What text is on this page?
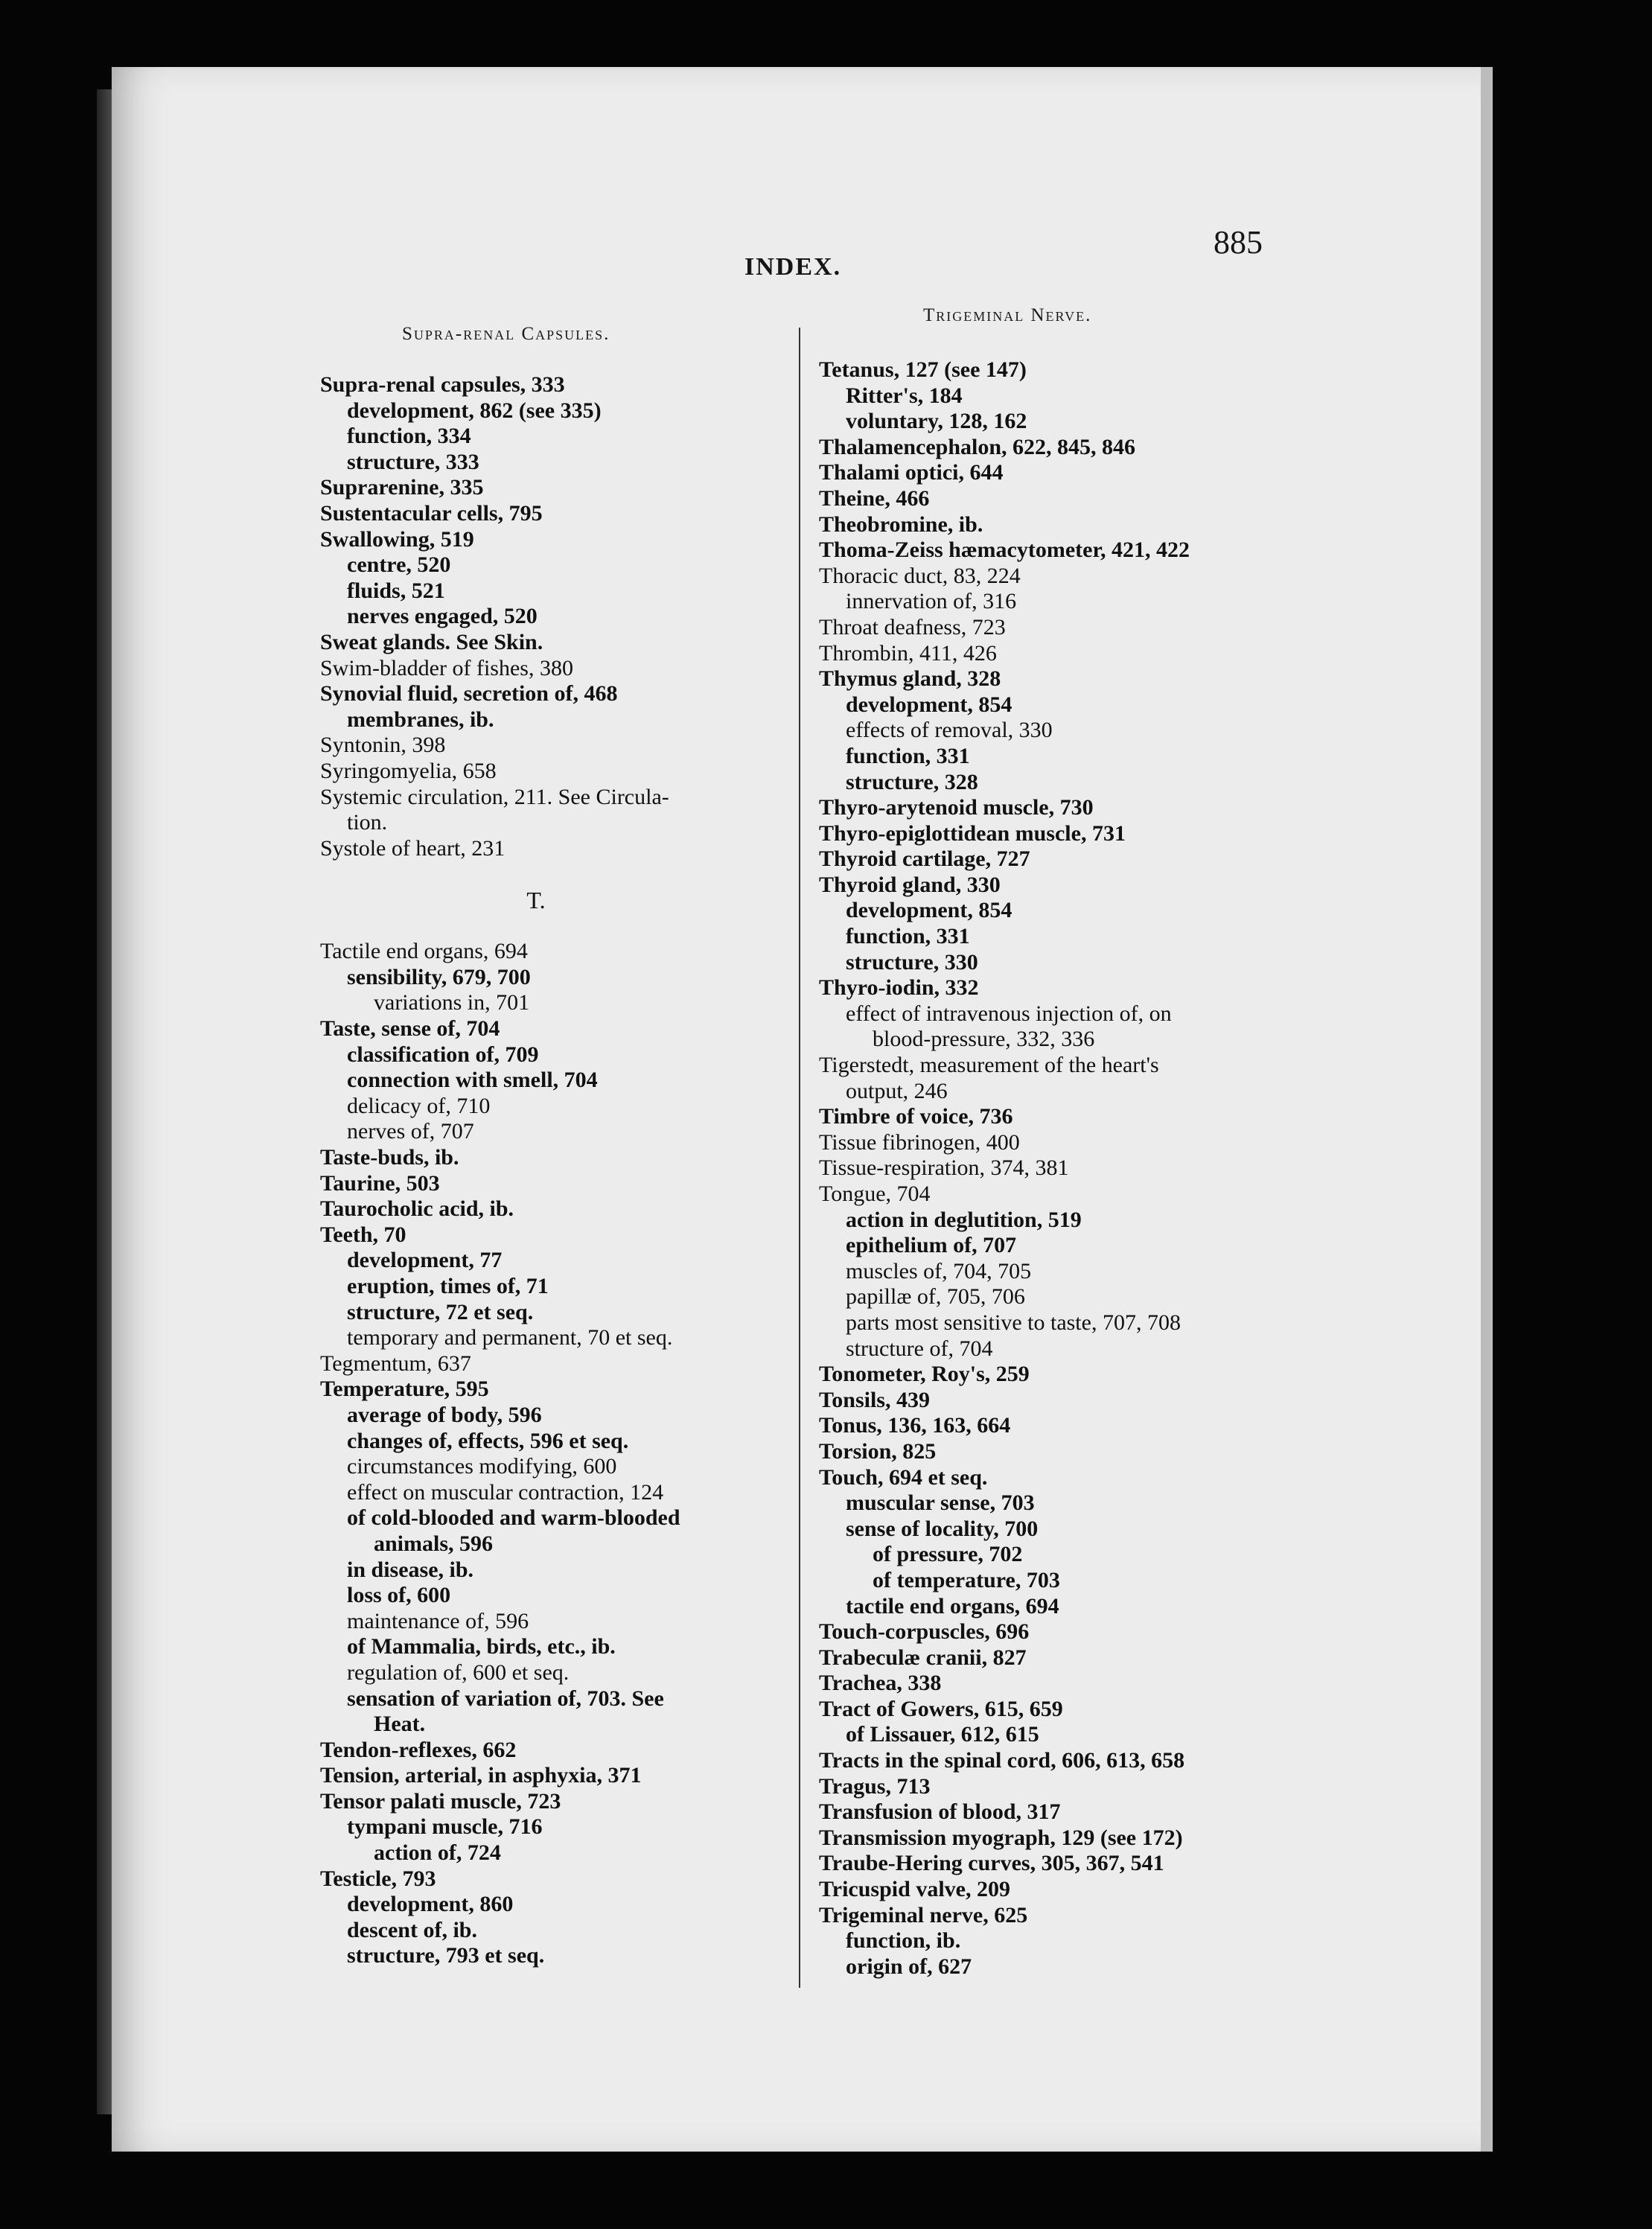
INDEX.
885
Supra-renal Capsules.
Trigeminal Nerve.
Supra-renal capsules, 333
development, 862 (see 335)
function, 334
structure, 333
Suprarenine, 335
Sustentacular cells, 795
Swallowing, 519
centre, 520
fluids, 521
nerves engaged, 520
Sweat glands. See Skin.
Swim-bladder of fishes, 380
Synovial fluid, secretion of, 468
membranes, ib.
Syntonin, 398
Syringomyelia, 658
Systemic circulation, 211. See Circula-
tion.
Systole of heart, 231
T.
Tactile end organs, 694
sensibility, 679, 700
variations in, 701
Taste, sense of, 704
classification of, 709
connection with smell, 704
delicacy of, 710
nerves of, 707
Taste-buds, ib.
Taurine, 503
Taurocholic acid, ib.
Teeth, 70
development, 77
eruption, times of, 71
structure, 72 et seq.
temporary and permanent, 70 et seq.
Tegmentum, 637
Temperature, 595
average of body, 596
changes of, effects, 596 et seq.
circumstances modifying, 600
effect on muscular contraction, 124
of cold-blooded and warm-blooded
animals, 596
in disease, ib.
loss of, 600
maintenance of, 596
of Mammalia, birds, etc., ib.
regulation of, 600 et seq.
sensation of variation of, 703. See
Heat.
Tendon-reflexes, 662
Tension, arterial, in asphyxia, 371
Tensor palati muscle, 723
tympani muscle, 716
action of, 724
Testicle, 793
development, 860
descent of, ib.
structure, 793 et seq.
Tetanus, 127 (see 147)
Ritter's, 184
voluntary, 128, 162
Thalamencephalon, 622, 845, 846
Thalami optici, 644
Theine, 466
Theobromine, ib.
Thoma-Zeiss hæmacytometer, 421, 422
Thoracic duct, 83, 224
innervation of, 316
Throat deafness, 723
Thrombin, 411, 426
Thymus gland, 328
development, 854
effects of removal, 330
function, 331
structure, 328
Thyro-arytenoid muscle, 730
Thyro-epiglottidean muscle, 731
Thyroid cartilage, 727
Thyroid gland, 330
development, 854
function, 331
structure, 330
Thyro-iodin, 332
effect of intravenous injection of, on
blood-pressure, 332, 336
Tigerstedt, measurement of the heart's
output, 246
Timbre of voice, 736
Tissue fibrinogen, 400
Tissue-respiration, 374, 381
Tongue, 704
action in deglutition, 519
epithelium of, 707
muscles of, 704, 705
papillæ of, 705, 706
parts most sensitive to taste, 707, 708
structure of, 704
Tonometer, Roy's, 259
Tonsils, 439
Tonus, 136, 163, 664
Torsion, 825
Touch, 694 et seq.
muscular sense, 703
sense of locality, 700
of pressure, 702
of temperature, 703
tactile end organs, 694
Touch-corpuscles, 696
Trabeculæ cranii, 827
Trachea, 338
Tract of Gowers, 615, 659
of Lissauer, 612, 615
Tracts in the spinal cord, 606, 613, 658
Tragus, 713
Transfusion of blood, 317
Transmission myograph, 129 (see 172)
Traube-Hering curves, 305, 367, 541
Tricuspid valve, 209
Trigeminal nerve, 625
function, ib.
origin of, 627
